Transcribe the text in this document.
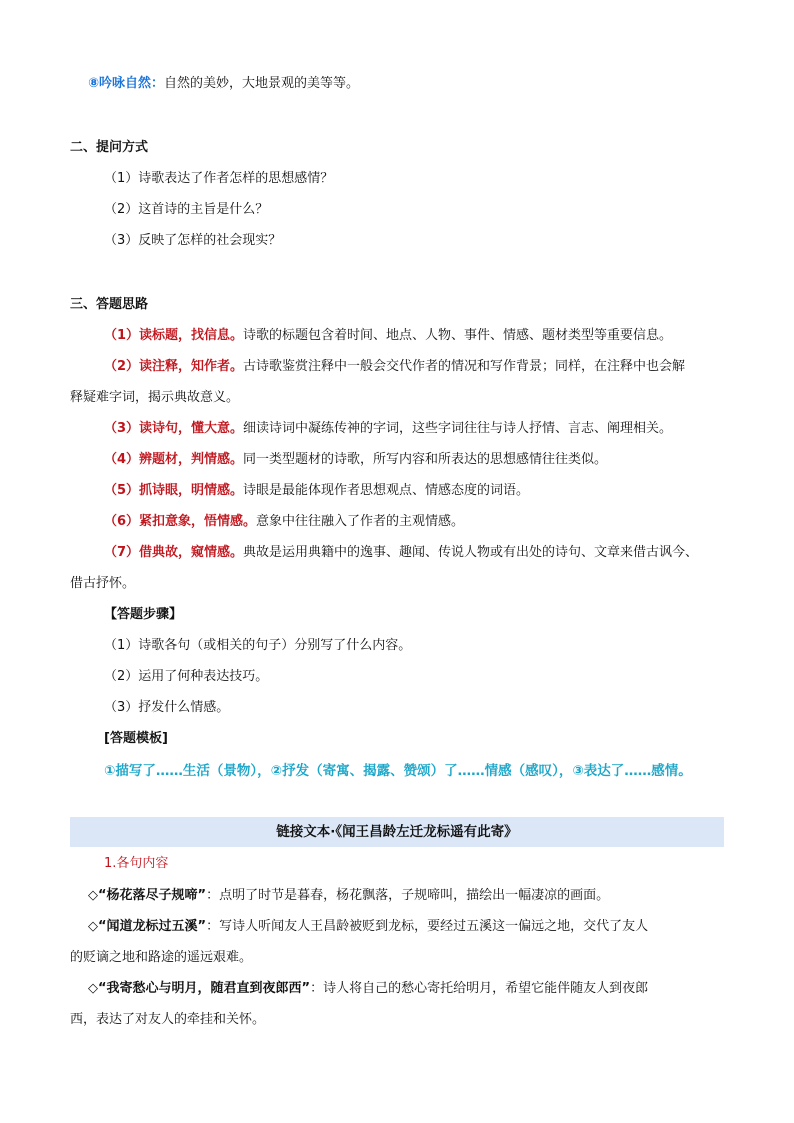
⑧吟咏自然：自然的美妙，大地景观的美等等。
二、提问方式
（1）诗歌表达了作者怎样的思想感情？
（2）这首诗的主旨是什么？
（3）反映了怎样的社会现实？
三、答题思路
（1）读标题，找信息。诗歌的标题包含着时间、地点、人物、事件、情感、题材类型等重要信息。
（2）读注释，知作者。古诗歌鉴赏注释中一般会交代作者的情况和写作背景；同样，在注释中也会解
释疑难字词，揭示典故意义。
（3）读诗句，懂大意。细读诗词中凝练传神的字词，这些字词往往与诗人抒情、言志、阐理相关。
（4）辨题材，判情感。同一类型题材的诗歌，所写内容和所表达的思想感情往往类似。
（5）抓诗眼，明情感。诗眼是最能体现作者思想观点、情感态度的词语。
（6）紧扣意象，悟情感。意象中往往融入了作者的主观情感。
（7）借典故，窥情感。典故是运用典籍中的逸事、趣闻、传说人物或有出处的诗句、文章来借古讽今、
借古抒怀。
【答题步骤】
（1）诗歌各句（或相关的句子）分别写了什么内容。
（2）运用了何种表达技巧。
（3）抒发什么情感。
[答题模板]
①描写了……生活（景物），②抒发（寄寓、揭露、赞颂）了……情感（感叹），③表达了……感情。
链接文本·《闻王昌龄左迁龙标遥有此寄》
1.各句内容
◇“杨花落尽子规啼”：点明了时节是暮春，杨花飘落，子规啼叫，描绘出一幅凄凉的画面。
◇“闻道龙标过五溪”：写诗人听闻友人王昌龄被贬到龙标，要经过五溪这一偏远之地，交代了友人
的贬谪之地和路途的遥远艰难。
◇“我寄愁心与明月，随君直到夜郎西”：诗人将自己的愁心寄托给明月，希望它能伴随友人到夜郎
西，表达了对友人的牵挂和关怀。
